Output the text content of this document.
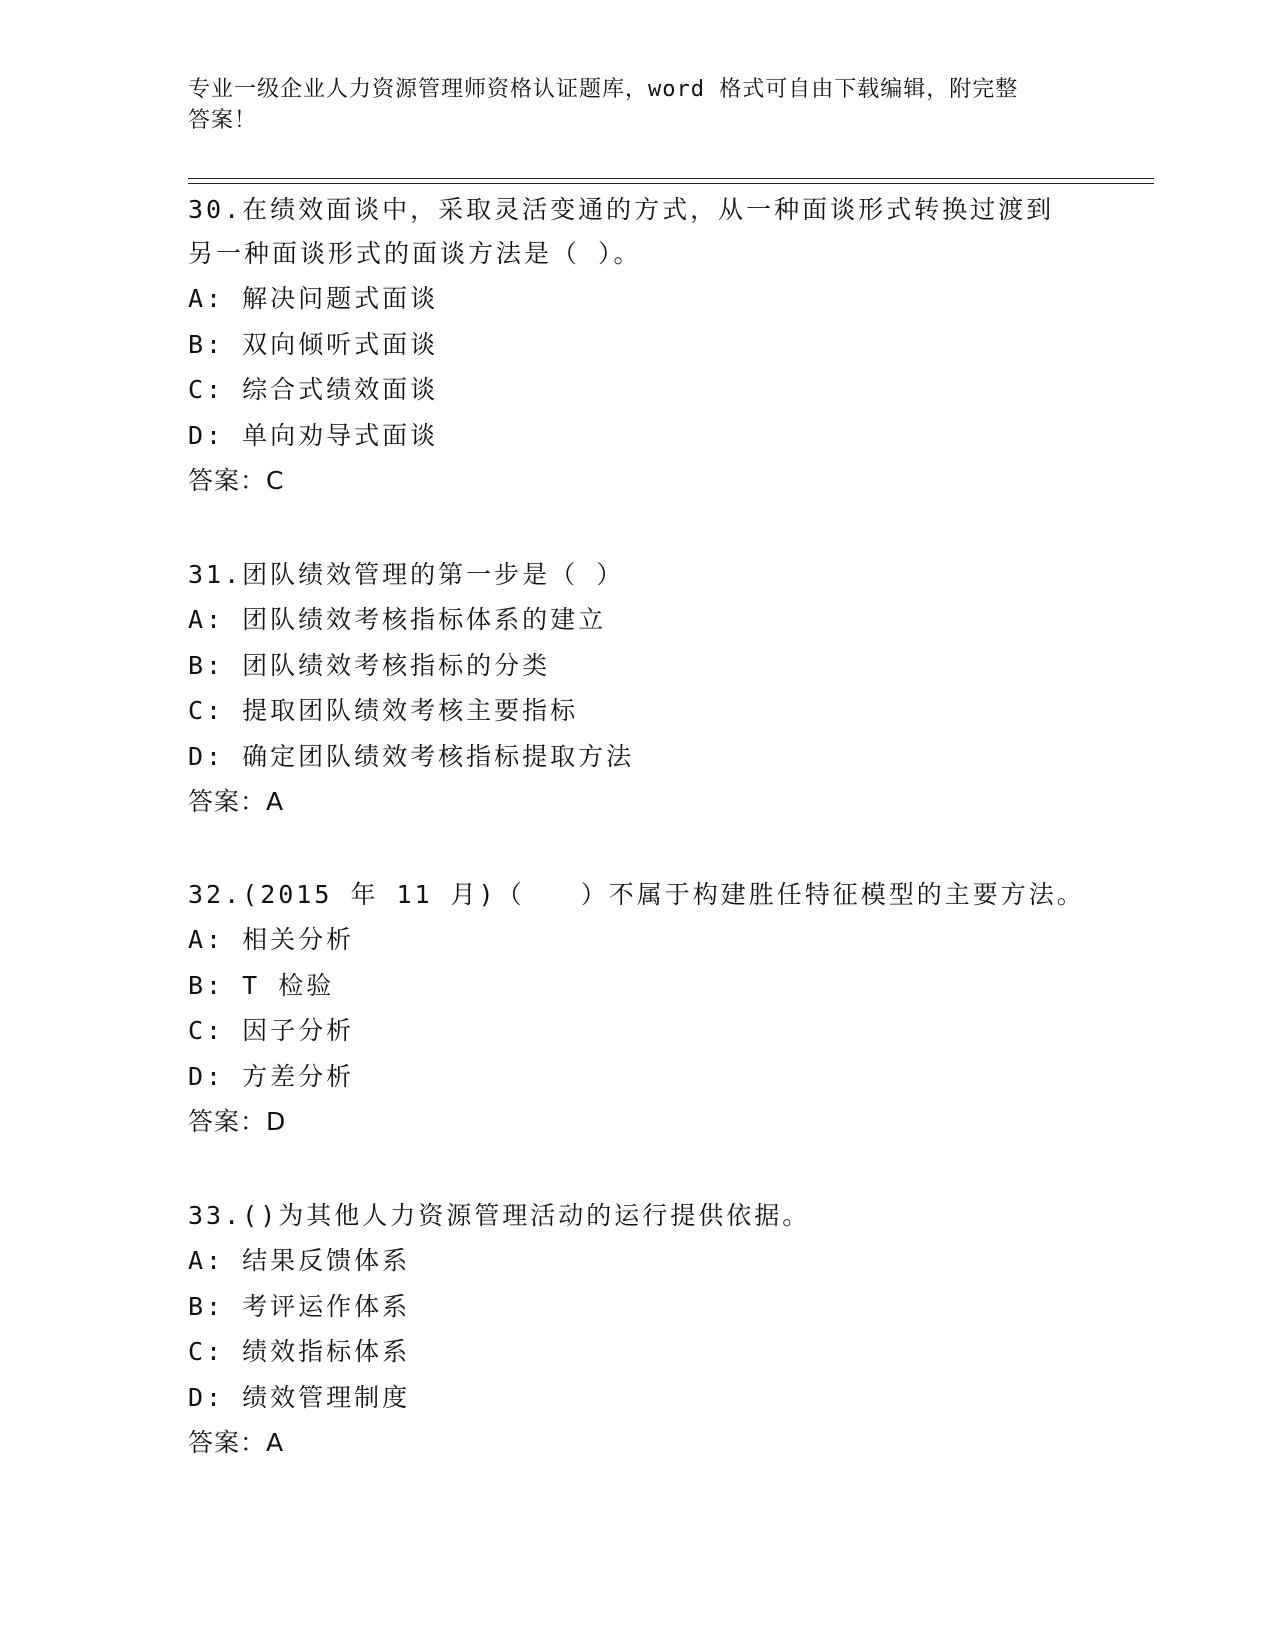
专业一级企业人力资源管理师资格认证题库，word 格式可自由下载编辑，附完整
答案！

30.在绩效面谈中，采取灵活变通的方式，从一种面谈形式转换过渡到

另一种面谈形式的面谈方法是（ ）。

A: 解决问题式面谈

B: 双向倾听式面谈

C: 综合式绩效面谈

D: 单向劝导式面谈

答案：C

31.团队绩效管理的第一步是（ ）

A: 团队绩效考核指标体系的建立

B: 团队绩效考核指标的分类

C: 提取团队绩效考核主要指标

D: 确定团队绩效考核指标提取方法

答案：A

32.(2015 年 11 月)（　　）不属于构建胜任特征模型的主要方法。

A: 相关分析

B: T 检验

C: 因子分析

D: 方差分析

答案：D

33.()为其他人力资源管理活动的运行提供依据。

A: 结果反馈体系

B: 考评运作体系

C: 绩效指标体系

D: 绩效管理制度

答案：A
